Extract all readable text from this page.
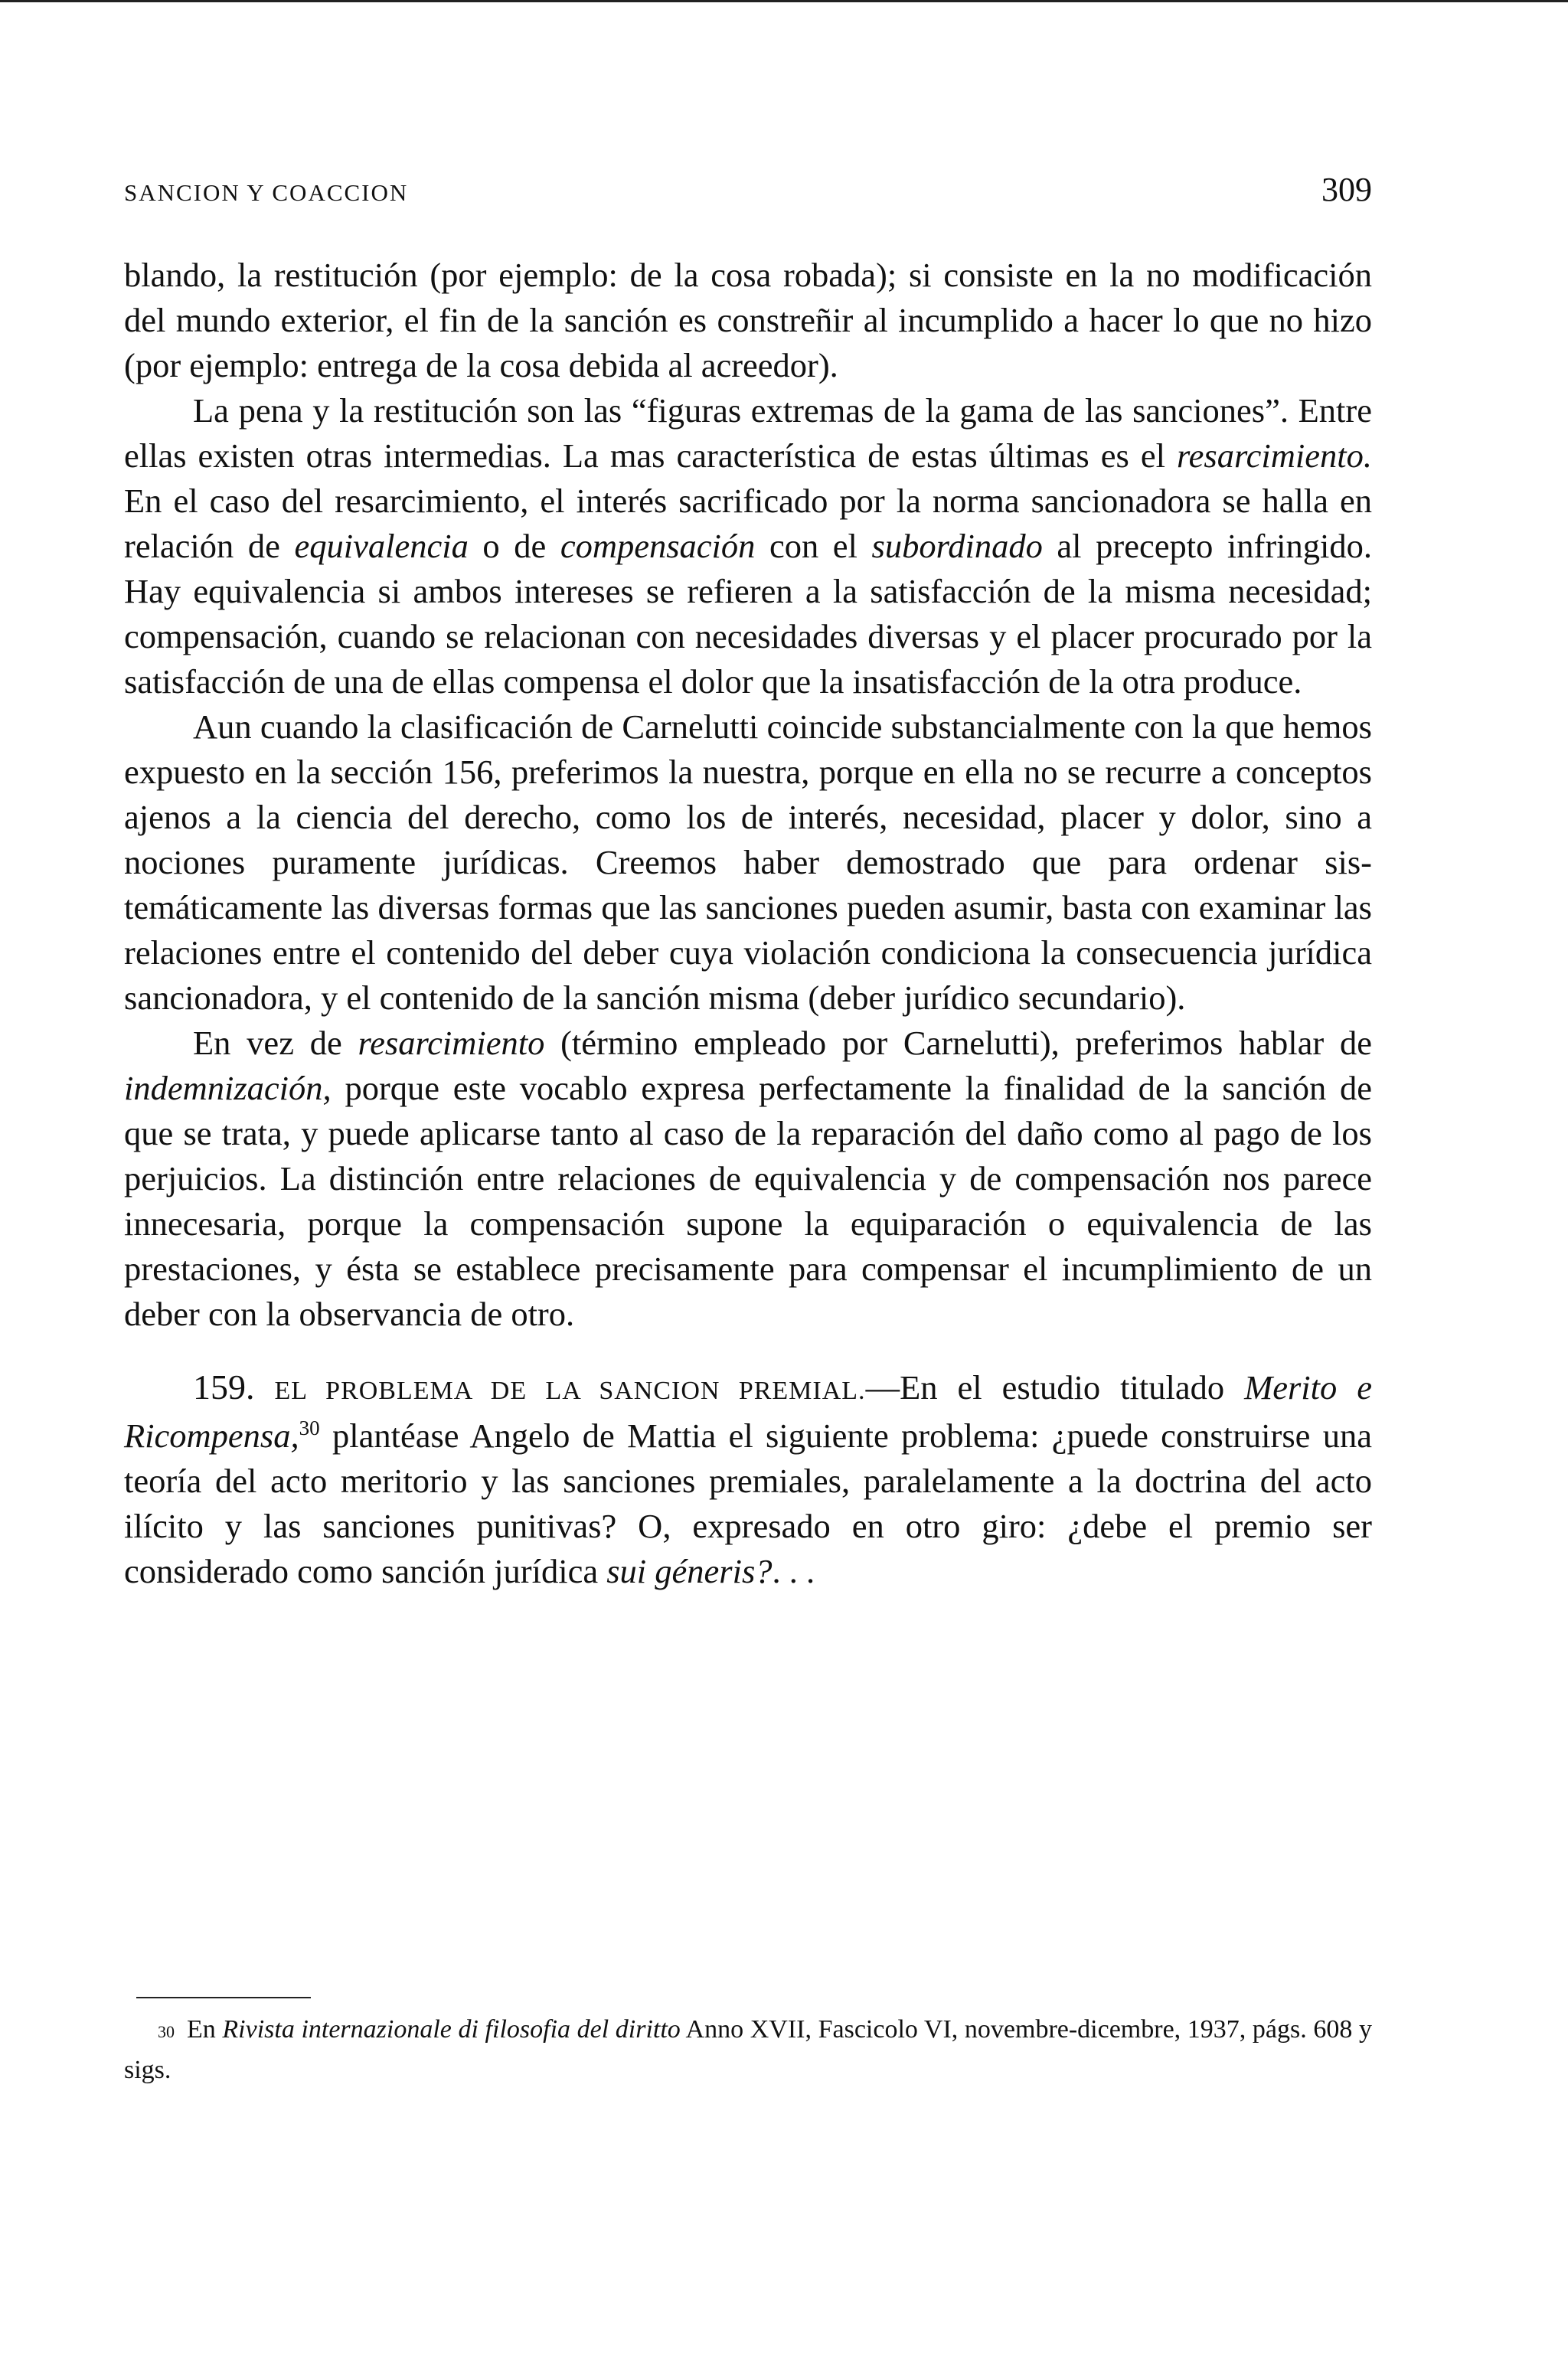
SANCION Y COACCION	309

blando, la restitución (por ejemplo: de la cosa robada); si consiste en la no modificación del mundo exterior, el fin de la sanción es constreñir al incumplido a hacer lo que no hizo (por ejemplo: entrega de la cosa debida al acreedor).

La pena y la restitución son las “figuras extremas de la gama de las sanciones”. Entre ellas existen otras intermedias. La mas característica de estas últimas es el resarcimiento. En el caso del resarcimiento, el interés sacrificado por la norma sancionadora se halla en relación de equivalencia o de compensación con el subordinado al precepto infringido. Hay equivalencia si ambos intereses se refieren a la satisfacción de la misma necesidad; compensación, cuando se relacionan con necesidades diversas y el placer procurado por la satisfacción de una de ellas compensa el dolor que la insatisfacción de la otra produce.

Aun cuando la clasificación de Carnelutti coincide substancialmente con la que hemos expuesto en la sección 156, preferimos la nuestra, porque en ella no se recurre a conceptos ajenos a la ciencia del derecho, como los de interés, necesidad, placer y dolor, sino a nociones puramente jurídicas. Creemos haber demostrado que para ordenar sistemáticamente las diversas formas que las sanciones pueden asumir, basta con examinar las relaciones entre el contenido del deber cuya violación condiciona la consecuencia jurídica sancionadora, y el contenido de la sanción misma (deber jurídico secundario).

En vez de resarcimiento (término empleado por Carnelutti), preferimos hablar de indemnización, porque este vocablo expresa perfectamente la finalidad de la sanción de que se trata, y puede aplicarse tanto al caso de la reparación del daño como al pago de los perjuicios. La distinción entre relaciones de equivalencia y de compensación nos parece innecesaria, porque la compensación supone la equiparación o equivalencia de las prestaciones, y ésta se establece precisamente para compensar el incumplimiento de un deber con la observancia de otro.

159. EL PROBLEMA DE LA SANCION PREMIAL.—En el estudio titulado Merito e Ricompensa,$^{30}$ plantéase Angelo de Mattia el siguiente problema: ¿puede construirse una teoría del acto meritorio y las sanciones premiales, paralelamente a la doctrina del acto ilícito y las sanciones punitivas? O, expresado en otro giro: ¿debe el premio ser considerado como sanción jurídica sui géneris?. . .

30 En Rivista internazionale di filosofia del diritto Anno XVII, Fascicolo VI, novembre-dicembre, 1937, págs. 608 y sigs.
